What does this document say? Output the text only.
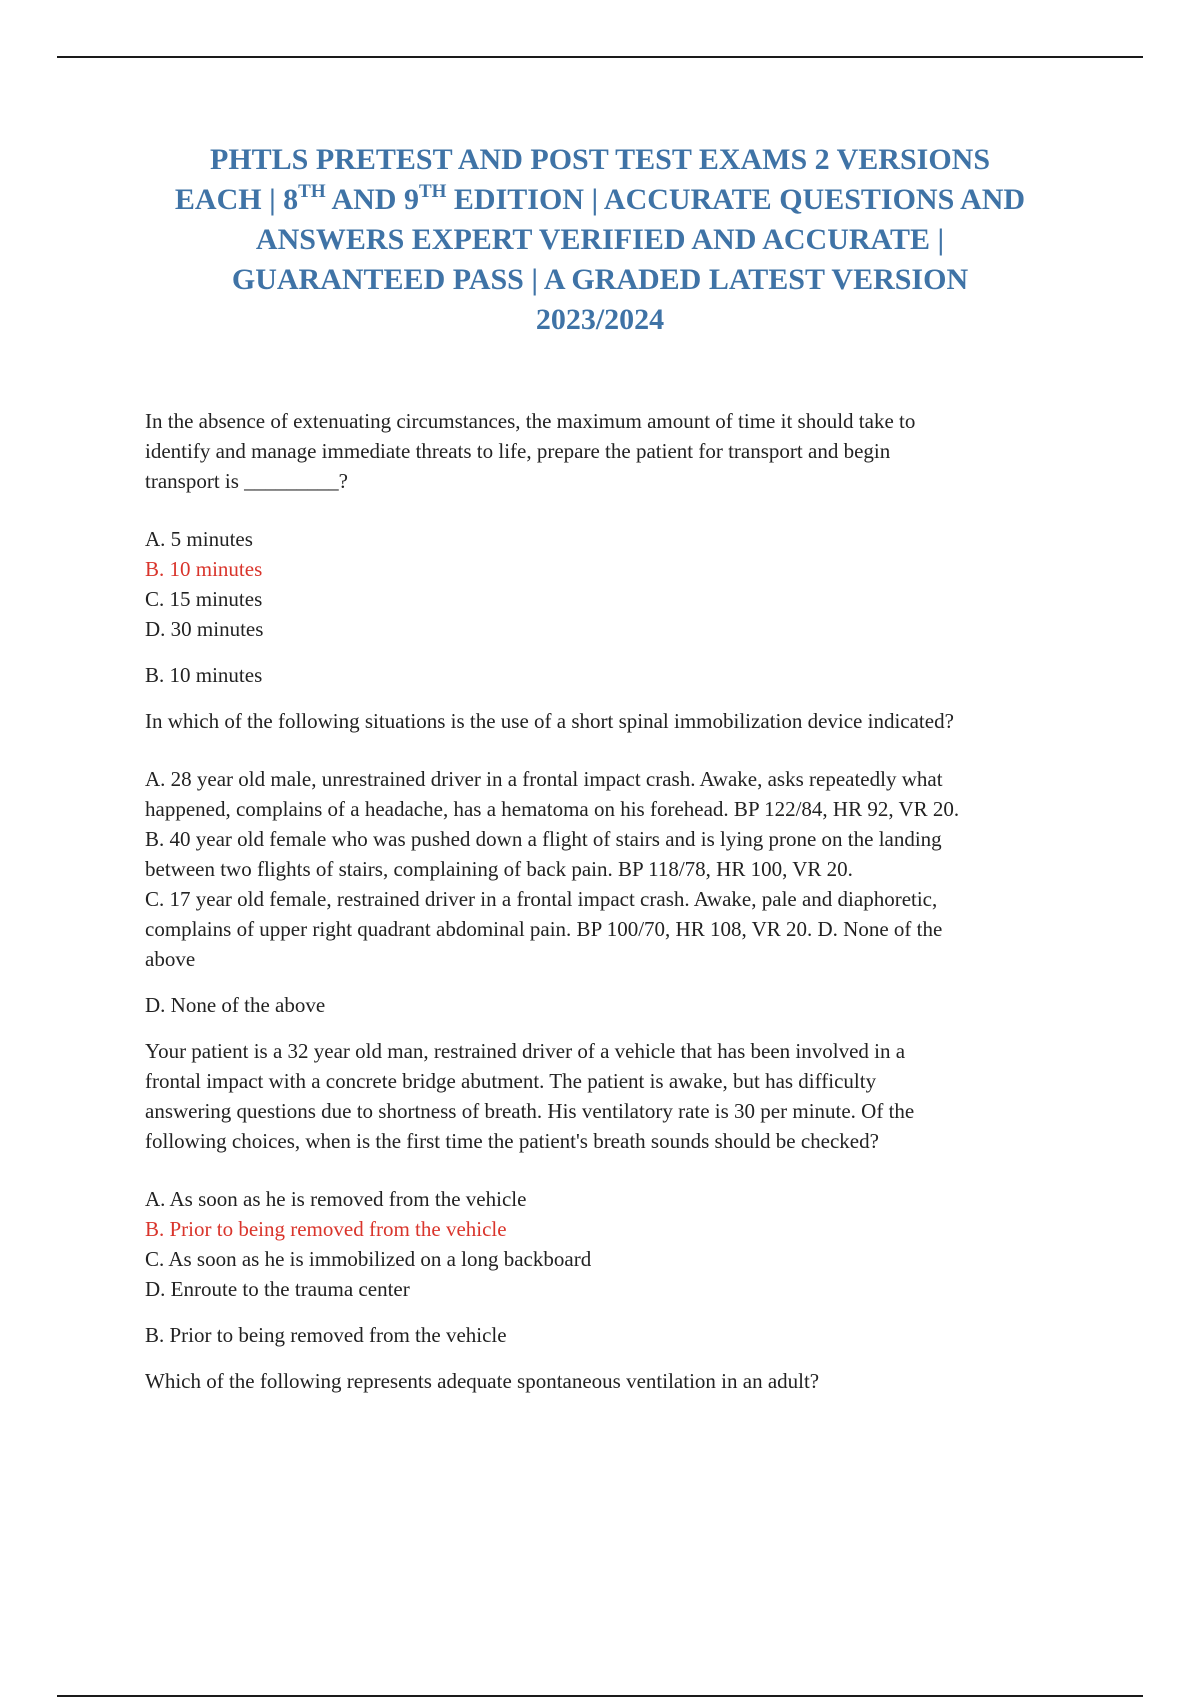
PHTLS PRETEST AND POST TEST EXAMS 2 VERSIONS
EACH | 8TH AND 9TH EDITION | ACCURATE QUESTIONS AND
ANSWERS EXPERT VERIFIED AND ACCURATE |
GUARANTEED PASS | A GRADED LATEST VERSION
2023/2024

In the absence of extenuating circumstances, the maximum amount of time it should take to
identify and manage immediate threats to life, prepare the patient for transport and begin
transport is _________?

A. 5 minutes
B. 10 minutes
C. 15 minutes
D. 30 minutes

B. 10 minutes

In which of the following situations is the use of a short spinal immobilization device indicated?

A. 28 year old male, unrestrained driver in a frontal impact crash. Awake, asks repeatedly what
happened, complains of a headache, has a hematoma on his forehead. BP 122/84, HR 92, VR 20.
B. 40 year old female who was pushed down a flight of stairs and is lying prone on the landing
between two flights of stairs, complaining of back pain. BP 118/78, HR 100, VR 20.
C. 17 year old female, restrained driver in a frontal impact crash. Awake, pale and diaphoretic,
complains of upper right quadrant abdominal pain. BP 100/70, HR 108, VR 20. D. None of the
above

D. None of the above

Your patient is a 32 year old man, restrained driver of a vehicle that has been involved in a
frontal impact with a concrete bridge abutment. The patient is awake, but has difficulty
answering questions due to shortness of breath. His ventilatory rate is 30 per minute. Of the
following choices, when is the first time the patient's breath sounds should be checked?

A. As soon as he is removed from the vehicle
B. Prior to being removed from the vehicle
C. As soon as he is immobilized on a long backboard
D. Enroute to the trauma center

B. Prior to being removed from the vehicle

Which of the following represents adequate spontaneous ventilation in an adult?
